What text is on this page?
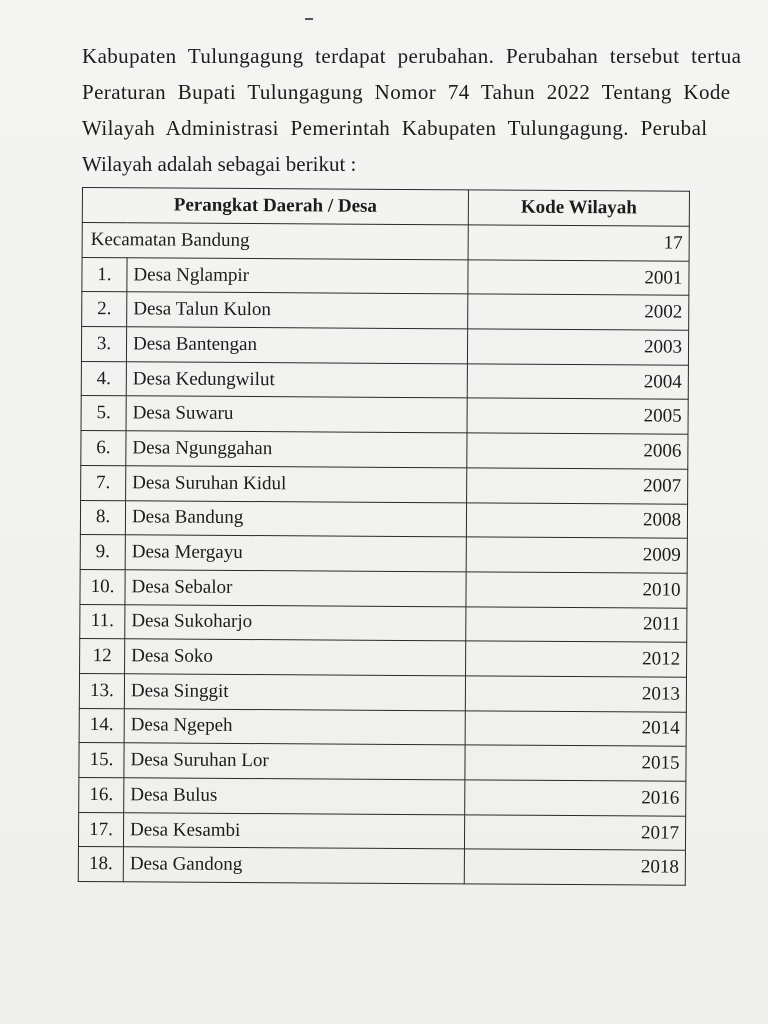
Kabupaten Tulungagung terdapat perubahan. Perubahan tersebut tertua
Peraturan Bupati Tulungagung Nomor 74 Tahun 2022 Tentang Kode
Wilayah Administrasi Pemerintah Kabupaten Tulungagung. Perubal
Wilayah adalah sebagai berikut :
Perangkat Daerah / Desa		Kode Wilayah
Kecamatan Bandung		17
1.	Desa Nglampir	2001
2.	Desa Talun Kulon	2002
3.	Desa Bantengan	2003
4.	Desa Kedungwilut	2004
5.	Desa Suwaru	2005
6.	Desa Ngunggahan	2006
7.	Desa Suruhan Kidul	2007
8.	Desa Bandung	2008
9.	Desa Mergayu	2009
10.	Desa Sebalor	2010
11.	Desa Sukoharjo	2011
12	Desa Soko	2012
13.	Desa Singgit	2013
14.	Desa Ngepeh	2014
15.	Desa Suruhan Lor	2015
16.	Desa Bulus	2016
17.	Desa Kesambi	2017
18.	Desa Gandong	2018
